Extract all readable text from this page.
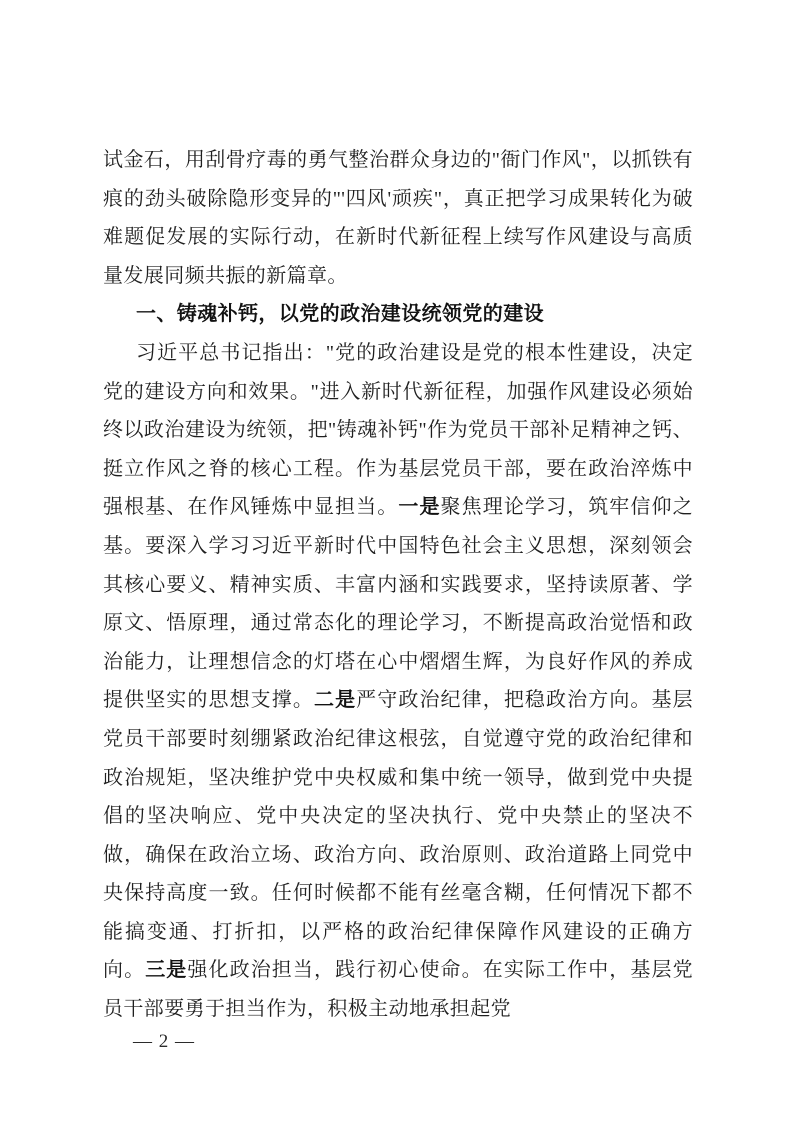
试金石，用刮骨疗毒的勇气整治群众身边的"衙门作风"，以抓铁有痕的劲头破除隐形变异的"'四风'顽疾"，真正把学习成果转化为破难题促发展的实际行动，在新时代新征程上续写作风建设与高质量发展同频共振的新篇章。

一、铸魂补钙，以党的政治建设统领党的建设

习近平总书记指出："党的政治建设是党的根本性建设，决定党的建设方向和效果。"进入新时代新征程，加强作风建设必须始终以政治建设为统领，把"铸魂补钙"作为党员干部补足精神之钙、挺立作风之脊的核心工程。作为基层党员干部，要在政治淬炼中强根基、在作风锤炼中显担当。一是聚焦理论学习，筑牢信仰之基。要深入学习习近平新时代中国特色社会主义思想，深刻领会其核心要义、精神实质、丰富内涵和实践要求，坚持读原著、学原文、悟原理，通过常态化的理论学习，不断提高政治觉悟和政治能力，让理想信念的灯塔在心中熠熠生辉，为良好作风的养成提供坚实的思想支撑。二是严守政治纪律，把稳政治方向。基层党员干部要时刻绷紧政治纪律这根弦，自觉遵守党的政治纪律和政治规矩，坚决维护党中央权威和集中统一领导，做到党中央提倡的坚决响应、党中央决定的坚决执行、党中央禁止的坚决不做，确保在政治立场、政治方向、政治原则、政治道路上同党中央保持高度一致。任何时候都不能有丝毫含糊，任何情况下都不能搞变通、打折扣，以严格的政治纪律保障作风建设的正确方向。三是强化政治担当，践行初心使命。在实际工作中，基层党员干部要勇于担当作为，积极主动地承担起党

— 2 —
